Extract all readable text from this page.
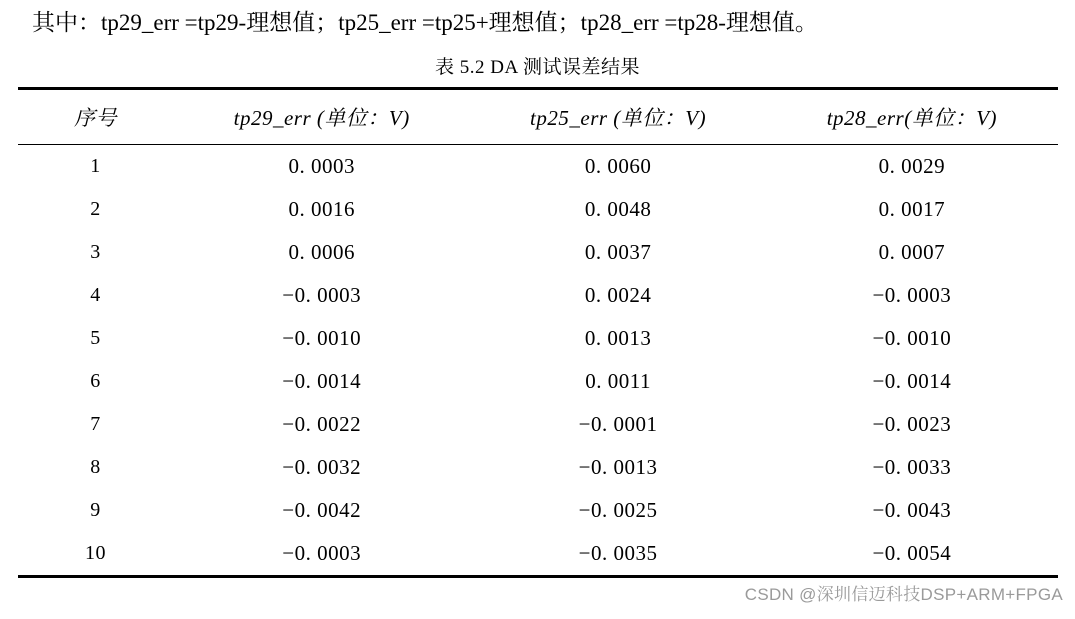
其中：tp29_err =tp29-理想值；tp25_err =tp25+理想值；tp28_err =tp28-理想值。
表 5.2 DA 测试误差结果
序号	tp29_err (单位：V)	tp25_err (单位：V)	tp28_err(单位：V)
1	0. 0003	0. 0060	0. 0029
2	0. 0016	0. 0048	0. 0017
3	0. 0006	0. 0037	0. 0007
4	−0. 0003	0. 0024	−0. 0003
5	−0. 0010	0. 0013	−0. 0010
6	−0. 0014	0. 0011	−0. 0014
7	−0. 0022	−0. 0001	−0. 0023
8	−0. 0032	−0. 0013	−0. 0033
9	−0. 0042	−0. 0025	−0. 0043
10	−0. 0003	−0. 0035	−0. 0054

CSDN @深圳信迈科技DSP+ARM+FPGA
